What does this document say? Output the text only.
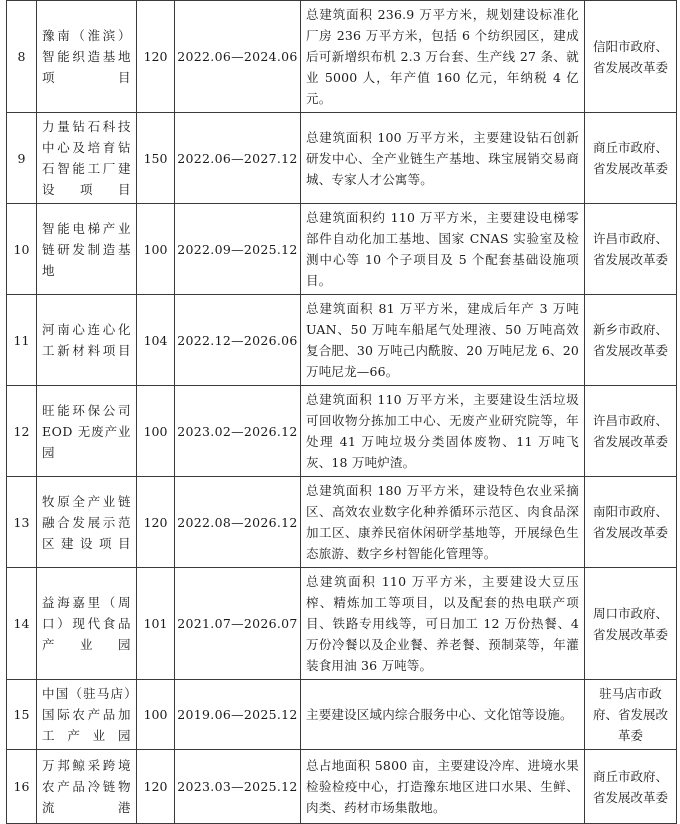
8	豫南（淮滨）智能织造基地项目	120	2022.06—2024.06	总建筑面积 236.9 万平方米，规划建设标准化厂房 236 万平方米，包括 6 个纺织园区，建成后可新增织布机 2.3 万台套、生产线 27 条、就业 5000 人，年产值 160 亿元，年纳税 4 亿元。	信阳市政府、省发展改革委
9	力量钻石科技中心及培育钻石智能工厂建设项目	150	2022.06—2027.12	总建筑面积 100 万平方米，主要建设钻石创新研发中心、全产业链生产基地、珠宝展销交易商城、专家人才公寓等。	商丘市政府、省发展改革委
10	智能电梯产业链研发制造基地	100	2022.09—2025.12	总建筑面积约 110 万平方米，主要建设电梯零部件自动化加工基地、国家 CNAS 实验室及检测中心等 10 个子项目及 5 个配套基础设施项目。	许昌市政府、省发展改革委
11	河南心连心化工新材料项目	104	2022.12—2026.06	总建筑面积 81 万平方米，建成后年产 3 万吨 UAN、50 万吨车船尾气处理液、50 万吨高效复合肥、30 万吨己内酰胺、20 万吨尼龙 6、20 万吨尼龙—66。	新乡市政府、省发展改革委
12	旺能环保公司 EOD 无废产业园	100	2023.02—2026.12	总建筑面积 110 万平方米，主要建设生活垃圾可回收物分拣加工中心、无废产业研究院等，年处理 41 万吨垃圾分类固体废物、11 万吨飞灰、18 万吨炉渣。	许昌市政府、省发展改革委
13	牧原全产业链融合发展示范区建设项目	120	2022.08—2026.12	总建筑面积 180 万平方米，建设特色农业采摘区、高效农业数字化种养循环示范区、肉食品深加工区、康养民宿休闲研学基地等，开展绿色生态旅游、数字乡村智能化管理等。	南阳市政府、省发展改革委
14	益海嘉里（周口）现代食品产业园	101	2021.07—2026.07	总建筑面积 110 万平方米，主要建设大豆压榨、精炼加工等项目，以及配套的热电联产项目、铁路专用线等，可日加工 12 万份热餐、4 万份冷餐以及企业餐、养老餐、预制菜等，年灌装食用油 36 万吨等。	周口市政府、省发展改革委
15	中国（驻马店）国际农产品加工产业园	100	2019.06—2025.12	主要建设区域内综合服务中心、文化馆等设施。	驻马店市政府、省发展改革委
16	万邦鲸采跨境农产品冷链物流港	120	2023.03—2025.12	总占地面积 5800 亩，主要建设冷库、进境水果检验检疫中心，打造豫东地区进口水果、生鲜、肉类、药材市场集散地。	商丘市政府、省发展改革委
